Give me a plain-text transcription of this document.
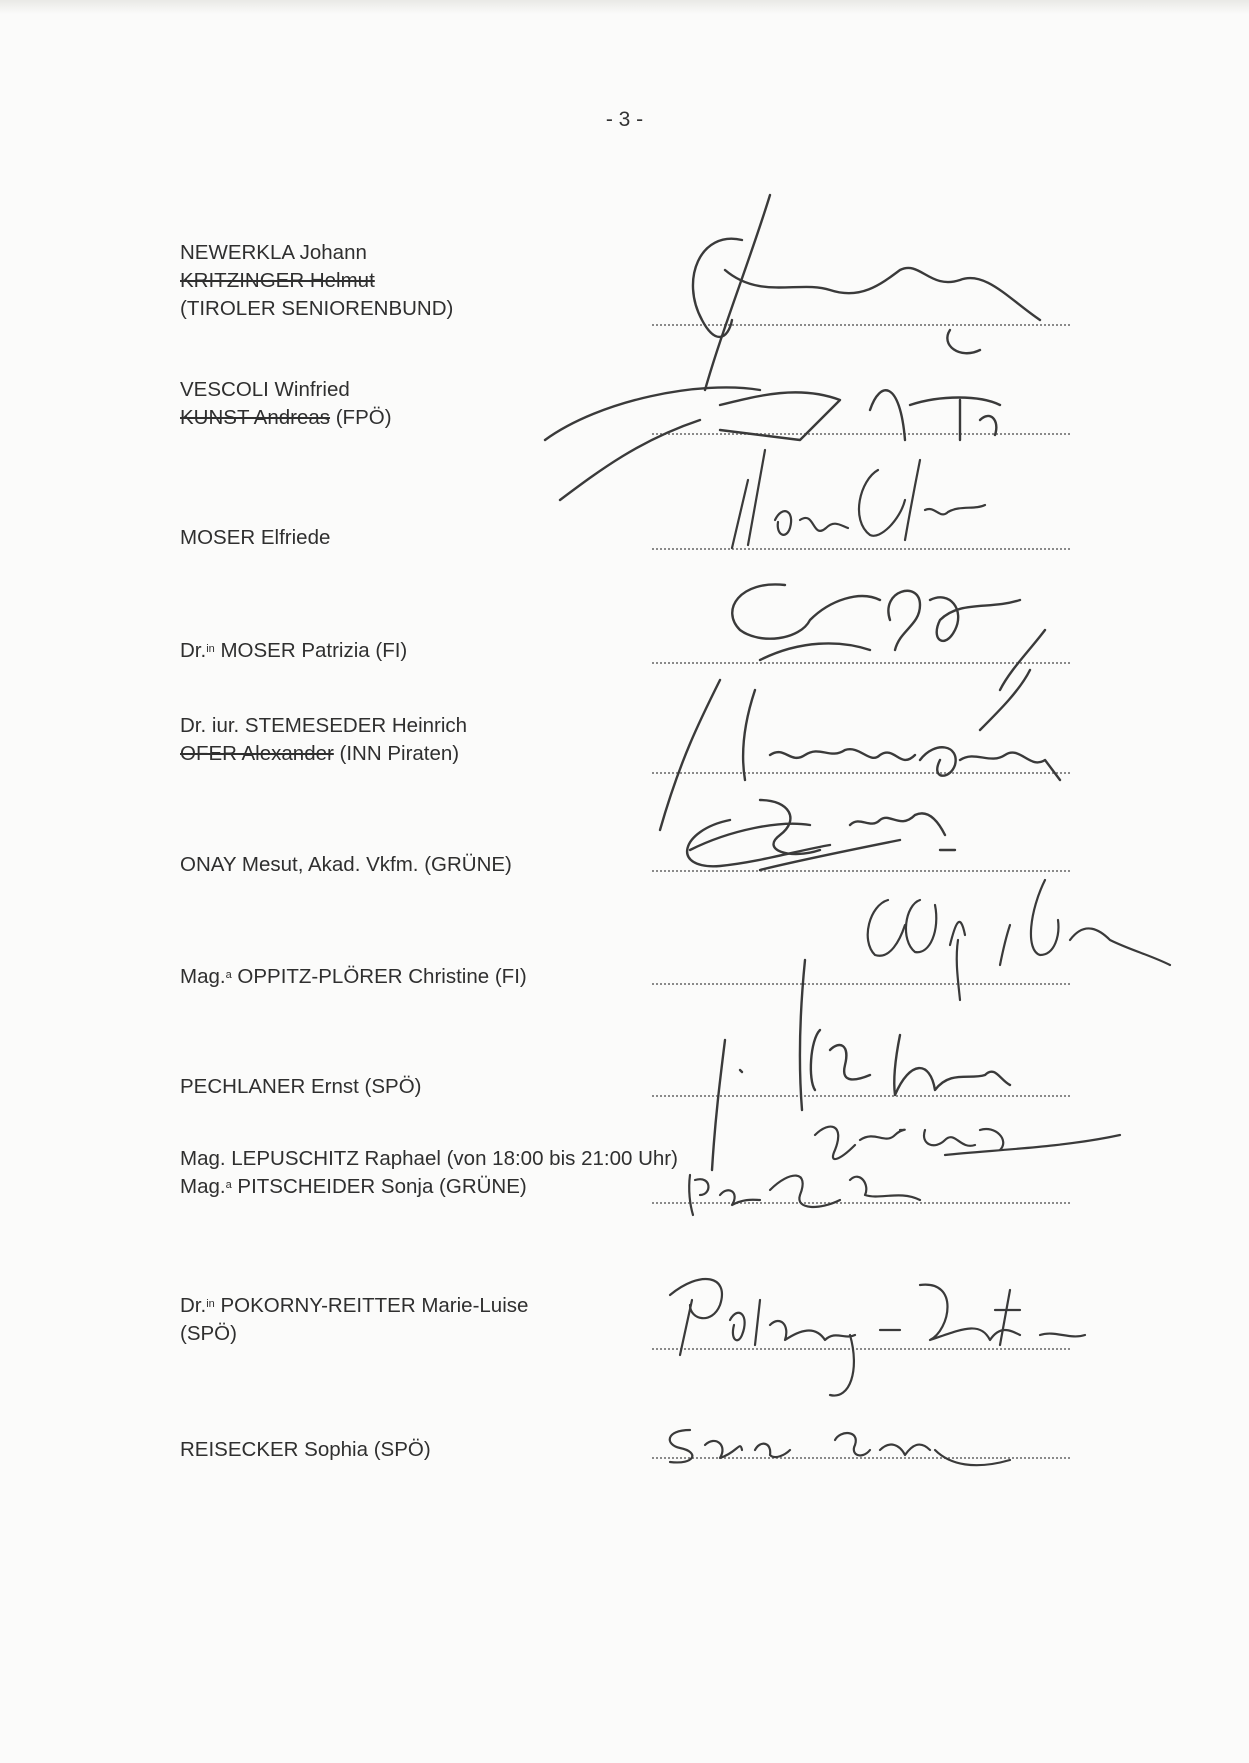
- 3 -
NEWERKLA Johann
KRITZINGER Helmut
(TIROLER SENIORENBUND)
VESCOLI Winfried
KUNST Andreas (FPÖ)
MOSER Elfriede
Dr.$^{in}$ MOSER Patrizia (FI)
Dr. iur. STEMESEDER Heinrich
OFER Alexander (INN Piraten)
ONAY Mesut, Akad. Vkfm. (GRÜNE)
Mag.$^a$ OPPITZ-PLÖRER Christine (FI)
PECHLANER Ernst (SPÖ)
Mag. LEPUSCHITZ Raphael (von 18:00 bis 21:00 Uhr)
Mag.$^a$ PITSCHEIDER Sonja (GRÜNE)
Dr.$^{in}$ POKORNY-REITTER Marie-Luise
(SPÖ)
REISECKER Sophia (SPÖ)
